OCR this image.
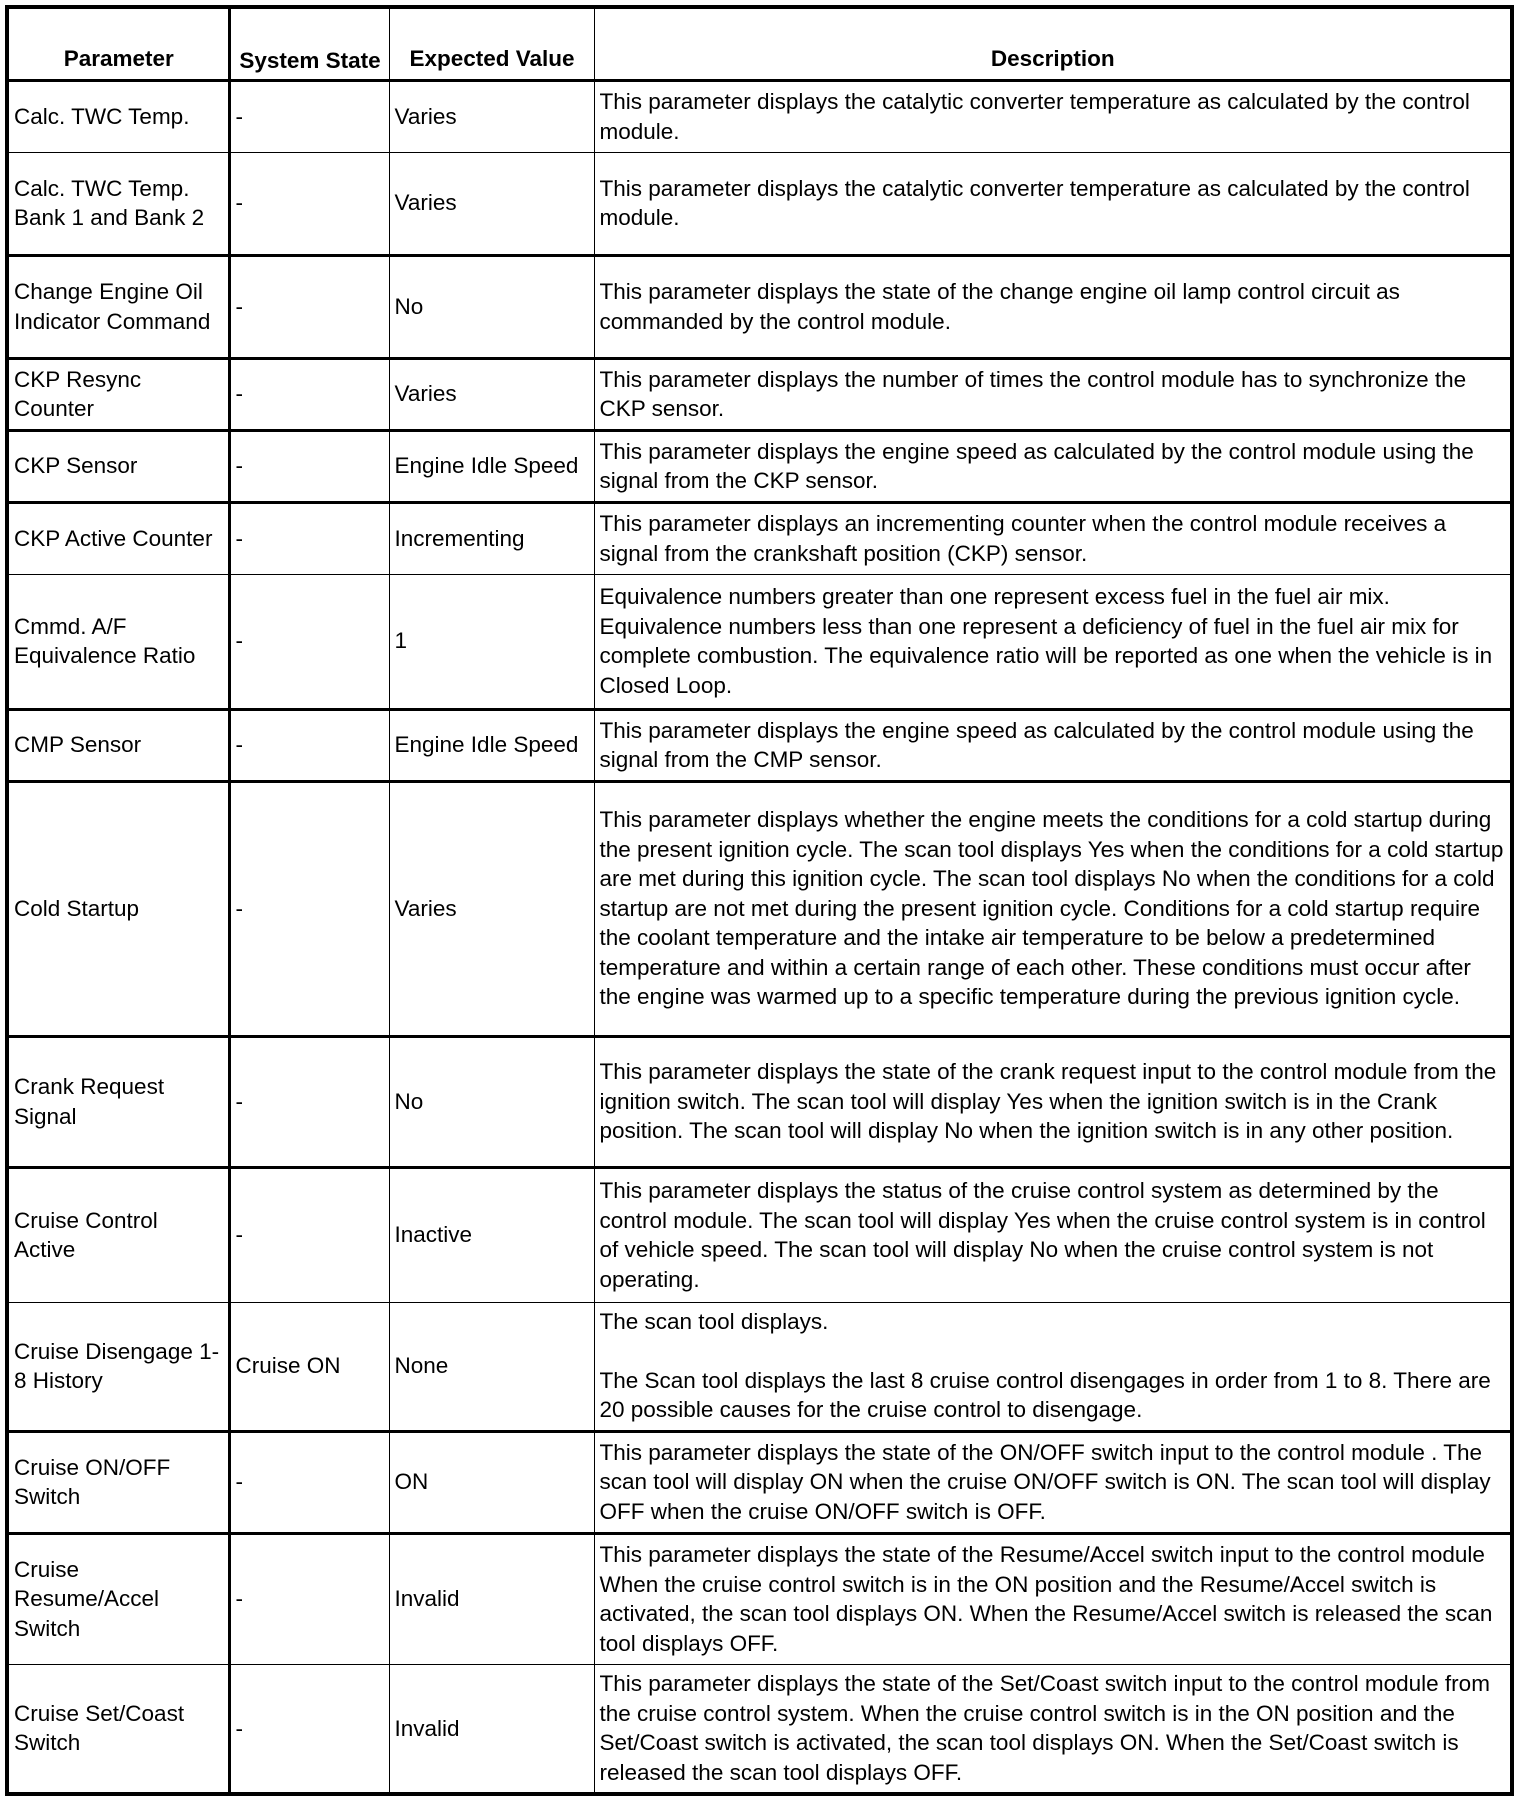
Parameter	System State	Expected Value	Description
Calc. TWC Temp.	-	Varies	This parameter displays the catalytic converter temperature as calculated by the control module.

Calc. TWC Temp. Bank 1 and Bank 2	-	Varies	This parameter displays the catalytic converter temperature as calculated by the control module.

Change Engine Oil Indicator Command	-	No	This parameter displays the state of the change engine oil lamp control circuit as commanded by the control module.

CKP Resync Counter	-	Varies	This parameter displays the number of times the control module has to synchronize the CKP sensor.

CKP Sensor	-	Engine Idle Speed	This parameter displays the engine speed as calculated by the control module using the signal from the CKP sensor.

CKP Active Counter	-	Incrementing	This parameter displays an incrementing counter when the control module receives a signal from the crankshaft position (CKP) sensor.

Cmmd. A/F Equivalence Ratio	-	1	Equivalence numbers greater than one represent excess fuel in the fuel air mix. Equivalence numbers less than one represent a deficiency of fuel in the fuel air mix for complete combustion. The equivalence ratio will be reported as one when the vehicle is in Closed Loop.

CMP Sensor	-	Engine Idle Speed	This parameter displays the engine speed as calculated by the control module using the signal from the CMP sensor.

Cold Startup	-	Varies	This parameter displays whether the engine meets the conditions for a cold startup during the present ignition cycle. The scan tool displays Yes when the conditions for a cold startup are met during this ignition cycle. The scan tool displays No when the conditions for a cold startup are not met during the present ignition cycle. Conditions for a cold startup require the coolant temperature and the intake air temperature to be below a predetermined temperature and within a certain range of each other. These conditions must occur after the engine was warmed up to a specific temperature during the previous ignition cycle.

Crank Request Signal	-	No	This parameter displays the state of the crank request input to the control module from the ignition switch. The scan tool will display Yes when the ignition switch is in the Crank position. The scan tool will display No when the ignition switch is in any other position.

Cruise Control Active	-	Inactive	This parameter displays the status of the cruise control system as determined by the control module. The scan tool will display Yes when the cruise control system is in control of vehicle speed. The scan tool will display No when the cruise control system is not operating.

Cruise Disengage 1-8 History	Cruise ON	None	The scan tool displays.

The Scan tool displays the last 8 cruise control disengages in order from 1 to 8. There are 20 possible causes for the cruise control to disengage.

Cruise ON/OFF Switch	-	ON	This parameter displays the state of the ON/OFF switch input to the control module . The scan tool will display ON when the cruise ON/OFF switch is ON. The scan tool will display OFF when the cruise ON/OFF switch is OFF.

Cruise Resume/Accel Switch	-	Invalid	This parameter displays the state of the Resume/Accel switch input to the control module When the cruise control switch is in the ON position and the Resume/Accel switch is activated, the scan tool displays ON. When the Resume/Accel switch is released the scan tool displays OFF.

Cruise Set/Coast Switch	-	Invalid	This parameter displays the state of the Set/Coast switch input to the control module from the cruise control system. When the cruise control switch is in the ON position and the Set/Coast switch is activated, the scan tool displays ON. When the Set/Coast switch is released the scan tool displays OFF.
